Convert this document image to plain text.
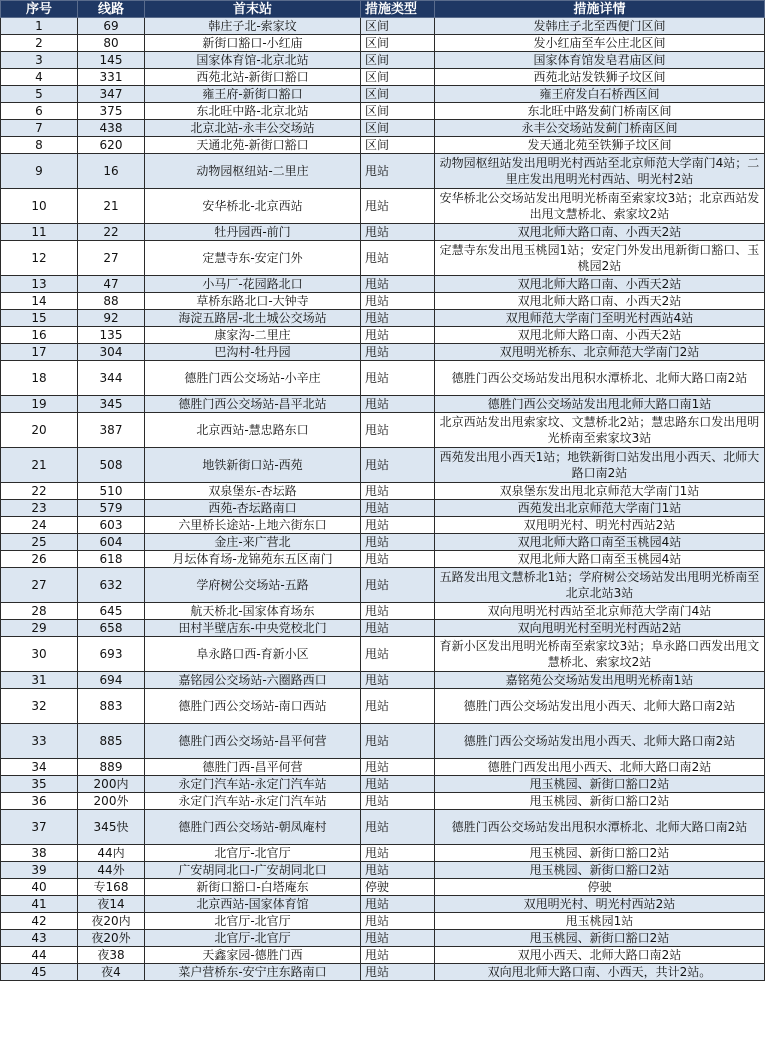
序号	线路	首末站	措施类型	措施详情
1	69	韩庄子北-索家坟	区间	发韩庄子北至西便门区间
2	80	新街口豁口-小红庙	区间	发小红庙至车公庄北区间
3	145	国家体育馆-北京北站	区间	国家体育馆发皂君庙区间
4	331	西苑北站-新街口豁口	区间	西苑北站发铁狮子坟区间
5	347	雍王府-新街口豁口	区间	雍王府发白石桥西区间
6	375	东北旺中路-北京北站	区间	东北旺中路发蓟门桥南区间
7	438	北京北站-永丰公交场站	区间	永丰公交场站发蓟门桥南区间
8	620	天通北苑-新街口豁口	区间	发天通北苑至铁狮子坟区间
9	16	动物园枢纽站-二里庄	甩站	动物园枢纽站发出甩明光村西站至北京师范大学南门4站；二里庄发出甩明光村西站、明光村2站
10	21	安华桥北-北京西站	甩站	安华桥北公交场站发出甩明光桥南至索家坟3站；北京西站发出甩文慧桥北、索家坟2站
11	22	牡丹园西-前门	甩站	双甩北师大路口南、小西天2站
12	27	定慧寺东-安定门外	甩站	定慧寺东发出甩玉桃园1站；安定门外发出甩新街口豁口、玉桃园2站
13	47	小马厂-花园路北口	甩站	双甩北师大路口南、小西天2站
14	88	草桥东路北口-大钟寺	甩站	双甩北师大路口南、小西天2站
15	92	海淀五路居-北土城公交场站	甩站	双甩师范大学南门至明光村西站4站
16	135	康家沟-二里庄	甩站	双甩北师大路口南、小西天2站
17	304	巴沟村-牡丹园	甩站	双甩明光桥东、北京师范大学南门2站
18	344	德胜门西公交场站-小辛庄	甩站	德胜门西公交场站发出甩积水潭桥北、北师大路口南2站
19	345	德胜门西公交场站-昌平北站	甩站	德胜门西公交场站发出甩北师大路口南1站
20	387	北京西站-慧忠路东口	甩站	北京西站发出甩索家坟、文慧桥北2站；慧忠路东口发出甩明光桥南至索家坟3站
21	508	地铁新街口站-西苑	甩站	西苑发出甩小西天1站；地铁新街口站发出甩小西天、北师大路口南2站
22	510	双泉堡东-杏坛路	甩站	双泉堡东发出甩北京师范大学南门1站
23	579	西苑-杏坛路南口	甩站	西苑发出北京师范大学南门1站
24	603	六里桥长途站-上地六街东口	甩站	双甩明光村、明光村西站2站
25	604	金庄-来广营北	甩站	双甩北师大路口南至玉桃园4站
26	618	月坛体育场-龙锦苑东五区南门	甩站	双甩北师大路口南至玉桃园4站
27	632	学府树公交场站-五路	甩站	五路发出甩文慧桥北1站；学府树公交场站发出甩明光桥南至北京北站3站
28	645	航天桥北-国家体育场东	甩站	双向甩明光村西站至北京师范大学南门4站
29	658	田村半壁店东-中央党校北门	甩站	双向甩明光村至明光村西站2站
30	693	阜永路口西-育新小区	甩站	育新小区发出甩明光桥南至索家坟3站；阜永路口西发出甩文慧桥北、索家坟2站
31	694	嘉铭园公交场站-六圈路西口	甩站	嘉铭苑公交场站发出甩明光桥南1站
32	883	德胜门西公交场站-南口西站	甩站	德胜门西公交场站发出甩小西天、北师大路口南2站
33	885	德胜门西公交场站-昌平何营	甩站	德胜门西公交场站发出甩小西天、北师大路口南2站
34	889	德胜门西-昌平何营	甩站	德胜门西发出甩小西天、北师大路口南2站
35	200内	永定门汽车站-永定门汽车站	甩站	甩玉桃园、新街口豁口2站
36	200外	永定门汽车站-永定门汽车站	甩站	甩玉桃园、新街口豁口2站
37	345快	德胜门西公交场站-朝凤庵村	甩站	德胜门西公交场站发出甩积水潭桥北、北师大路口南2站
38	44内	北官厅-北官厅	甩站	甩玉桃园、新街口豁口2站
39	44外	广安胡同北口-广安胡同北口	甩站	甩玉桃园、新街口豁口2站
40	专168	新街口豁口-白塔庵东	停驶	停驶
41	夜14	北京西站-国家体育馆	甩站	双甩明光村、明光村西站2站
42	夜20内	北官厅-北官厅	甩站	甩玉桃园1站
43	夜20外	北官厅-北官厅	甩站	甩玉桃园、新街口豁口2站
44	夜38	天鑫家园-德胜门西	甩站	双甩小西天、北师大路口南2站
45	夜4	菜户营桥东-安宁庄东路南口	甩站	双向甩北师大路口南、小西天，共计2站。
